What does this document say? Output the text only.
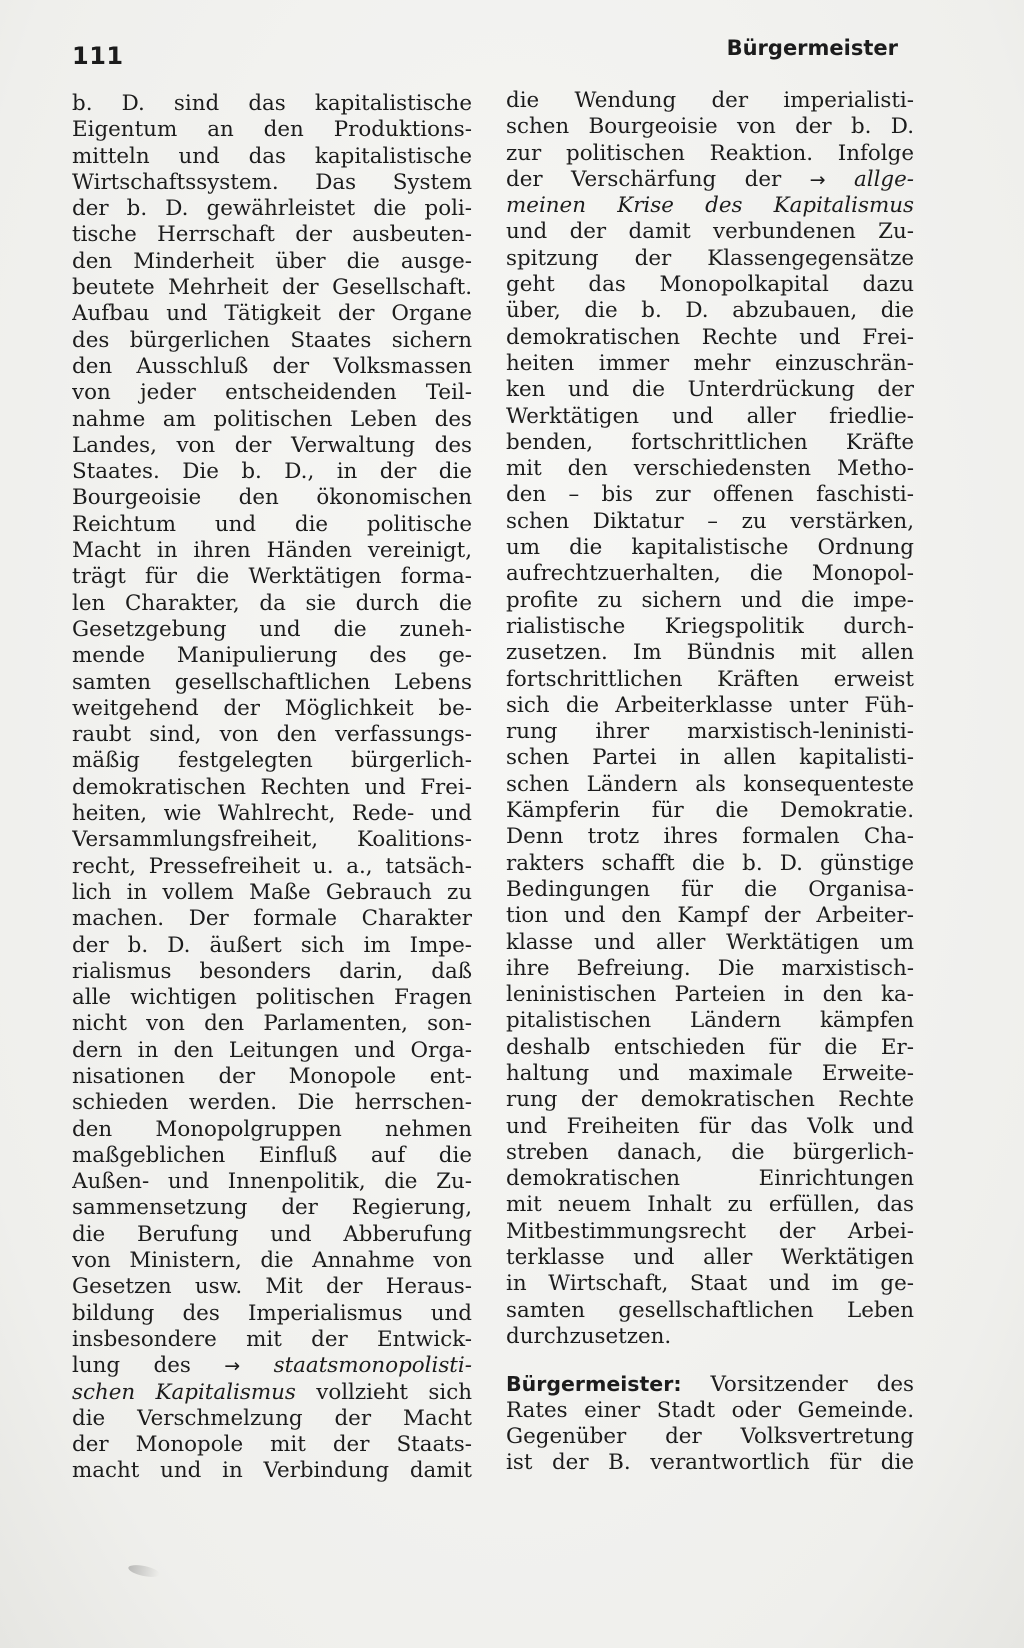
111	Bürgermeister
b. D. sind das kapitalistische
Eigentum an den Produktions-
mitteln und das kapitalistische
Wirtschaftssystem. Das System
der b. D. gewährleistet die poli-
tische Herrschaft der ausbeuten-
den Minderheit über die ausge-
beutete Mehrheit der Gesellschaft.
Aufbau und Tätigkeit der Organe
des bürgerlichen Staates sichern
den Ausschluß der Volksmassen
von jeder entscheidenden Teil-
nahme am politischen Leben des
Landes, von der Verwaltung des
Staates. Die b. D., in der die
Bourgeoisie den ökonomischen
Reichtum und die politische
Macht in ihren Händen vereinigt,
trägt für die Werktätigen forma-
len Charakter, da sie durch die
Gesetzgebung und die zuneh-
mende Manipulierung des ge-
samten gesellschaftlichen Lebens
weitgehend der Möglichkeit be-
raubt sind, von den verfassungs-
mäßig festgelegten bürgerlich-
demokratischen Rechten und Frei-
heiten, wie Wahlrecht, Rede- und
Versammlungsfreiheit, Koalitions-
recht, Pressefreiheit u. a., tatsäch-
lich in vollem Maße Gebrauch zu
machen. Der formale Charakter
der b. D. äußert sich im Impe-
rialismus besonders darin, daß
alle wichtigen politischen Fragen
nicht von den Parlamenten, son-
dern in den Leitungen und Orga-
nisationen der Monopole ent-
schieden werden. Die herrschen-
den Monopolgruppen nehmen
maßgeblichen Einfluß auf die
Außen- und Innenpolitik, die Zu-
sammensetzung der Regierung,
die Berufung und Abberufung
von Ministern, die Annahme von
Gesetzen usw. Mit der Heraus-
bildung des Imperialismus und
insbesondere mit der Entwick-
lung des → staatsmonopolisti-
schen Kapitalismus vollzieht sich
die Verschmelzung der Macht
der Monopole mit der Staats-
macht und in Verbindung damit
die Wendung der imperialisti-
schen Bourgeoisie von der b. D.
zur politischen Reaktion. Infolge
der Verschärfung der → allge-
meinen Krise des Kapitalismus
und der damit verbundenen Zu-
spitzung der Klassengegensätze
geht das Monopolkapital dazu
über, die b. D. abzubauen, die
demokratischen Rechte und Frei-
heiten immer mehr einzuschrän-
ken und die Unterdrückung der
Werktätigen und aller friedlie-
benden, fortschrittlichen Kräfte
mit den verschiedensten Metho-
den – bis zur offenen faschisti-
schen Diktatur – zu verstärken,
um die kapitalistische Ordnung
aufrechtzuerhalten, die Monopol-
profite zu sichern und die impe-
rialistische Kriegspolitik durch-
zusetzen. Im Bündnis mit allen
fortschrittlichen Kräften erweist
sich die Arbeiterklasse unter Füh-
rung ihrer marxistisch-leninisti-
schen Partei in allen kapitalisti-
schen Ländern als konsequenteste
Kämpferin für die Demokratie.
Denn trotz ihres formalen Cha-
rakters schafft die b. D. günstige
Bedingungen für die Organisa-
tion und den Kampf der Arbeiter-
klasse und aller Werktätigen um
ihre Befreiung. Die marxistisch-
leninistischen Parteien in den ka-
pitalistischen Ländern kämpfen
deshalb entschieden für die Er-
haltung und maximale Erweite-
rung der demokratischen Rechte
und Freiheiten für das Volk und
streben danach, die bürgerlich-
demokratischen Einrichtungen
mit neuem Inhalt zu erfüllen, das
Mitbestimmungsrecht der Arbei-
terklasse und aller Werktätigen
in Wirtschaft, Staat und im ge-
samten gesellschaftlichen Leben
durchzusetzen.
Bürgermeister: Vorsitzender des
Rates einer Stadt oder Gemeinde.
Gegenüber der Volksvertretung
ist der B. verantwortlich für die
